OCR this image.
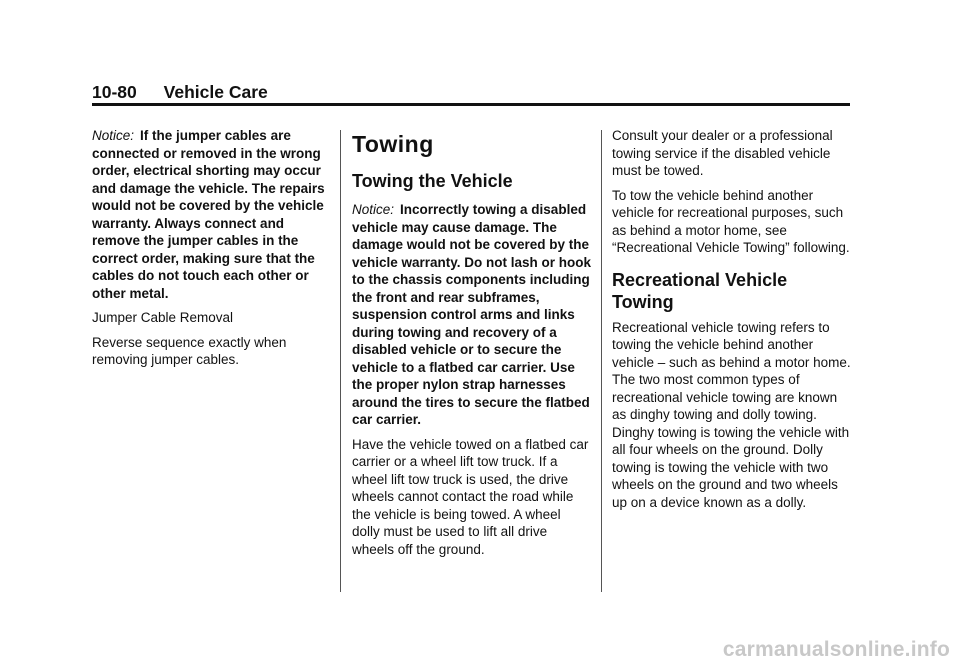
10-80 Vehicle Care

Notice: If the jumper cables are connected or removed in the wrong order, electrical shorting may occur and damage the vehicle. The repairs would not be covered by the vehicle warranty. Always connect and remove the jumper cables in the correct order, making sure that the cables do not touch each other or other metal.

Jumper Cable Removal

Reverse sequence exactly when removing jumper cables.

Towing
Towing the Vehicle

Notice: Incorrectly towing a disabled vehicle may cause damage. The damage would not be covered by the vehicle warranty. Do not lash or hook to the chassis components including the front and rear subframes, suspension control arms and links during towing and recovery of a disabled vehicle or to secure the vehicle to a flatbed car carrier. Use the proper nylon strap harnesses around the tires to secure the flatbed car carrier.

Have the vehicle towed on a flatbed car carrier or a wheel lift tow truck. If a wheel lift tow truck is used, the drive wheels cannot contact the road while the vehicle is being towed. A wheel dolly must be used to lift all drive wheels off the ground.

Consult your dealer or a professional towing service if the disabled vehicle must be towed.

To tow the vehicle behind another vehicle for recreational purposes, such as behind a motor home, see “Recreational Vehicle Towing” following.

Recreational Vehicle
Towing

Recreational vehicle towing refers to towing the vehicle behind another vehicle – such as behind a motor home. The two most common types of recreational vehicle towing are known as dinghy towing and dolly towing. Dinghy towing is towing the vehicle with all four wheels on the ground. Dolly towing is towing the vehicle with two wheels on the ground and two wheels up on a device known as a dolly.

carmanualsonline.info
